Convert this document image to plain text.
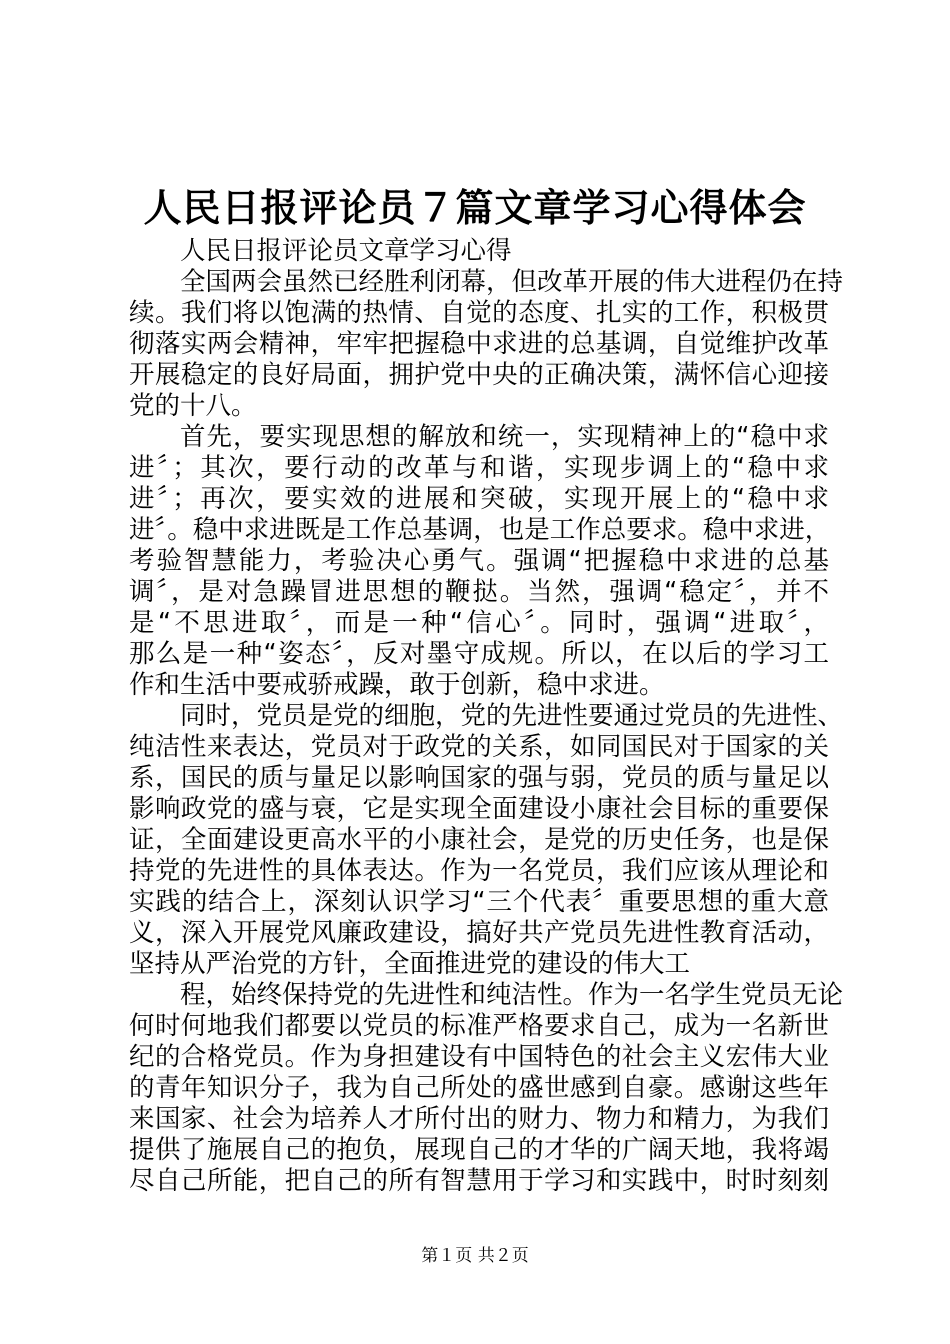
人民日报评论员７篇文章学习心得体会
人民日报评论员文章学习心得
全国两会虽然已经胜利闭幕，但改革开展的伟大进程仍在持
续。我们将以饱满的热情、自觉的态度、扎实的工作，积极贯
彻落实两会精神，牢牢把握稳中求进的总基调，自觉维护改革
开展稳定的良好局面，拥护党中央的正确决策，满怀信心迎接
党的十八。
首先，要实现思想的解放和统一，实现精神上的“稳中求
进〞；其次，要行动的改革与和谐，实现步调上的“稳中求
进〞；再次，要实效的进展和突破，实现开展上的“稳中求
进〞。稳中求进既是工作总基调，也是工作总要求。稳中求进，
考验智慧能力，考验决心勇气。强调“把握稳中求进的总基
调〞，是对急躁冒进思想的鞭挞。当然，强调“稳定〞，并不
是“不思进取〞，而是一种“信心〞。同时，强调“进取〞，
那么是一种“姿态〞，反对墨守成规。所以，在以后的学习工
作和生活中要戒骄戒躁，敢于创新，稳中求进。
同时，党员是党的细胞，党的先进性要通过党员的先进性、
纯洁性来表达，党员对于政党的关系，如同国民对于国家的关
系，国民的质与量足以影响国家的强与弱，党员的质与量足以
影响政党的盛与衰，它是实现全面建设小康社会目标的重要保
证，全面建设更高水平的小康社会，是党的历史任务，也是保
持党的先进性的具体表达。作为一名党员，我们应该从理论和
实践的结合上，深刻认识学习“三个代表〞重要思想的重大意
义，深入开展党风廉政建设，搞好共产党员先进性教育活动，
坚持从严治党的方针，全面推进党的建设的伟大工
程，始终保持党的先进性和纯洁性。作为一名学生党员无论
何时何地我们都要以党员的标准严格要求自己，成为一名新世
纪的合格党员。作为身担建设有中国特色的社会主义宏伟大业
的青年知识分子，我为自己所处的盛世感到自豪。感谢这些年
来国家、社会为培养人才所付出的财力、物力和精力，为我们
提供了施展自己的抱负，展现自己的才华的广阔天地，我将竭
尽自己所能，把自己的所有智慧用于学习和实践中，时时刻刻
第１页 共２页
